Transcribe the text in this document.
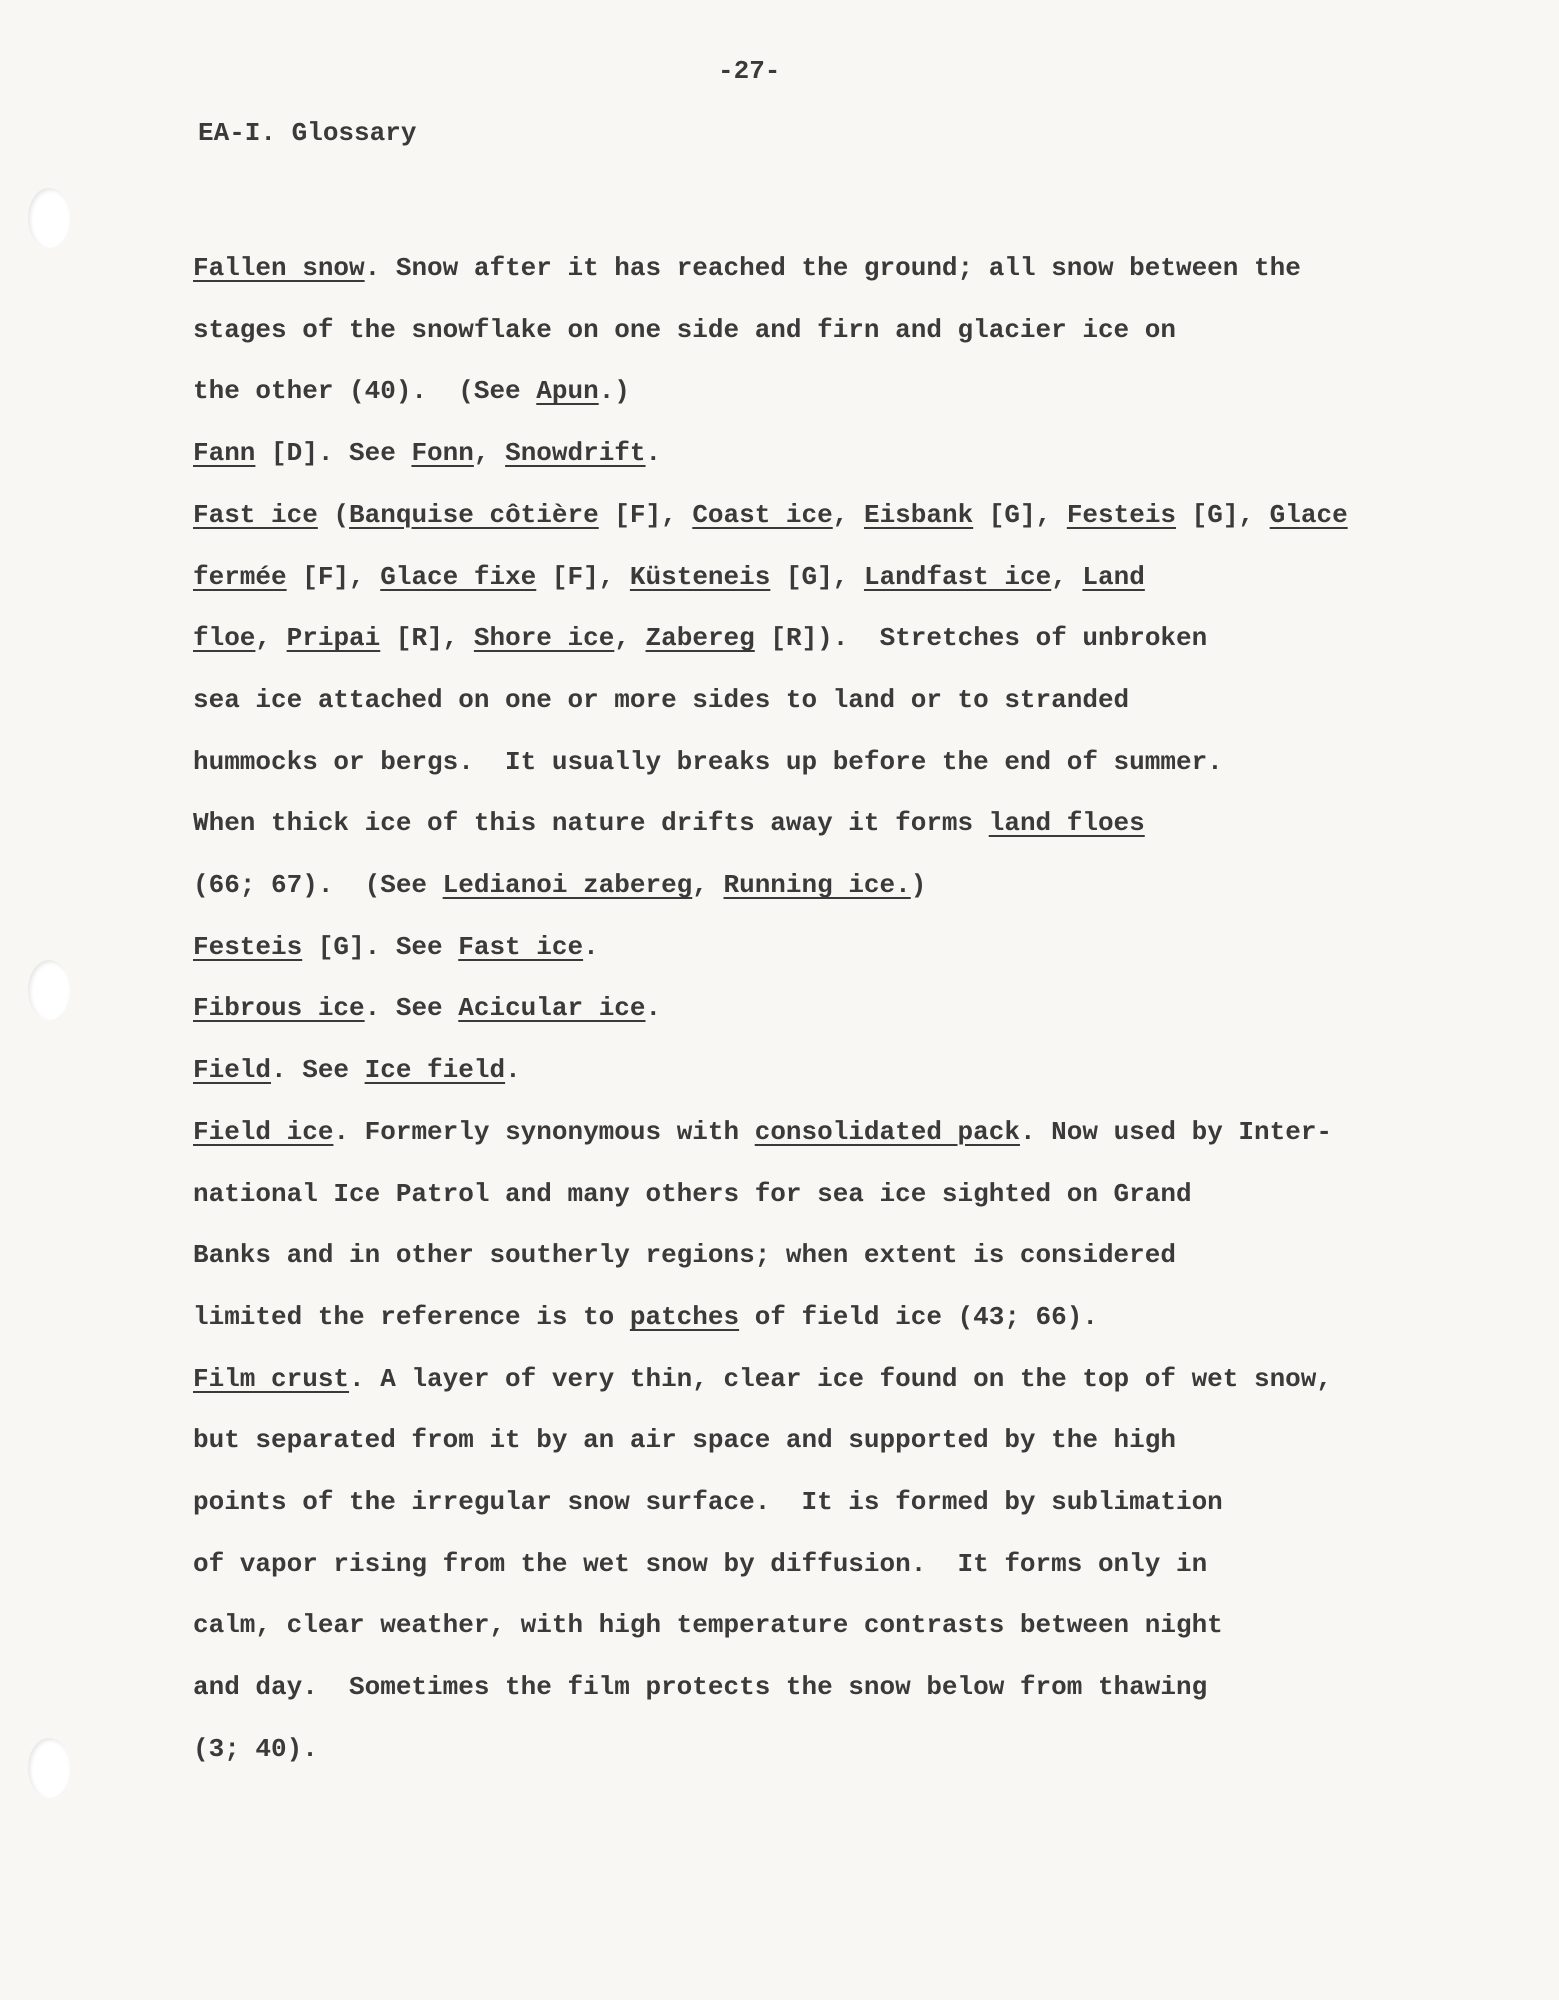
-27-
EA-I. Glossary

Fallen snow. Snow after it has reached the ground; all snow between the
stages of the snowflake on one side and firn and glacier ice on
the other (40).  (See Apun.)

Fann [D]. See Fonn, Snowdrift.

Fast ice (Banquise côtière [F], Coast ice, Eisbank [G], Festeis [G], Glace
fermée [F], Glace fixe [F], Küsteneis [G], Landfast ice, Land
floe, Pripai [R], Shore ice, Zabereg [R]).  Stretches of unbroken
sea ice attached on one or more sides to land or to stranded
hummocks or bergs.  It usually breaks up before the end of summer.
When thick ice of this nature drifts away it forms land floes
(66; 67).  (See Ledianoi zabereg, Running ice.)

Festeis [G]. See Fast ice.

Fibrous ice. See Acicular ice.

Field. See Ice field.

Field ice. Formerly synonymous with consolidated pack. Now used by Inter-
national Ice Patrol and many others for sea ice sighted on Grand
Banks and in other southerly regions; when extent is considered
limited the reference is to patches of field ice (43; 66).

Film crust. A layer of very thin, clear ice found on the top of wet snow,
but separated from it by an air space and supported by the high
points of the irregular snow surface.  It is formed by sublimation
of vapor rising from the wet snow by diffusion.  It forms only in
calm, clear weather, with high temperature contrasts between night
and day.  Sometimes the film protects the snow below from thawing
(3; 40).
